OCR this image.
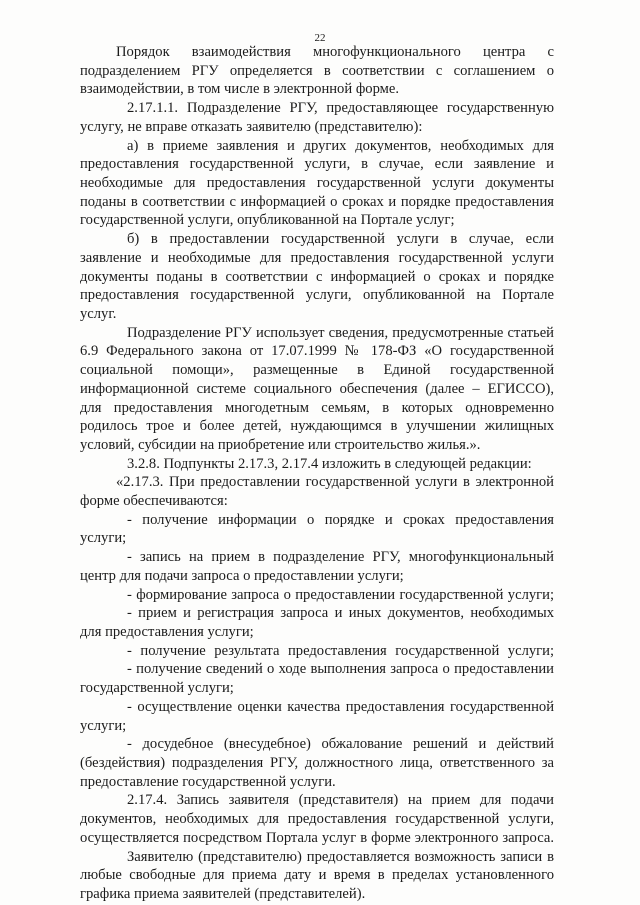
22
Порядок взаимодействия многофункционального центра с
подразделением РГУ определяется в соответствии с соглашением о
взаимодействии, в том числе в электронной форме.
2.17.1.1. Подразделение РГУ, предоставляющее государственную
услугу, не вправе отказать заявителю (представителю):
а) в приеме заявления и других документов, необходимых для
предоставления государственной услуги, в случае, если заявление и
необходимые для предоставления государственной услуги документы
поданы в соответствии с информацией о сроках и порядке предоставления
государственной услуги, опубликованной на Портале услуг;
б) в предоставлении государственной услуги в случае, если
заявление и необходимые для предоставления государственной услуги
документы поданы в соответствии с информацией о сроках и порядке
предоставления государственной услуги, опубликованной на Портале
услуг.
Подразделение РГУ использует сведения, предусмотренные статьей
6.9 Федерального закона от 17.07.1999 № 178-ФЗ «О государственной
социальной помощи», размещенные в Единой государственной
информационной системе социального обеспечения (далее – ЕГИССО),
для предоставления многодетным семьям, в которых одновременно
родилось трое и более детей, нуждающимся в улучшении жилищных
условий, субсидии на приобретение или строительство жилья.».
3.2.8. Подпункты 2.17.3, 2.17.4 изложить в следующей редакции:
«2.17.3. При предоставлении государственной услуги в электронной
форме обеспечиваются:
- получение информации о порядке и сроках предоставления
услуги;
- запись на прием в подразделение РГУ, многофункциональный
центр для подачи запроса о предоставлении услуги;
- формирование запроса о предоставлении государственной услуги;
- прием и регистрация запроса и иных документов, необходимых
для предоставления услуги;
- получение результата предоставления государственной услуги;
- получение сведений о ходе выполнения запроса о предоставлении
государственной услуги;
- осуществление оценки качества предоставления государственной
услуги;
- досудебное (внесудебное) обжалование решений и действий
(бездействия) подразделения РГУ, должностного лица, ответственного за
предоставление государственной услуги.
2.17.4. Запись заявителя (представителя) на прием для подачи
документов, необходимых для предоставления государственной услуги,
осуществляется посредством Портала услуг в форме электронного запроса.
Заявителю (представителю) предоставляется возможность записи в
любые свободные для приема дату и время в пределах установленного
графика приема заявителей (представителей).
